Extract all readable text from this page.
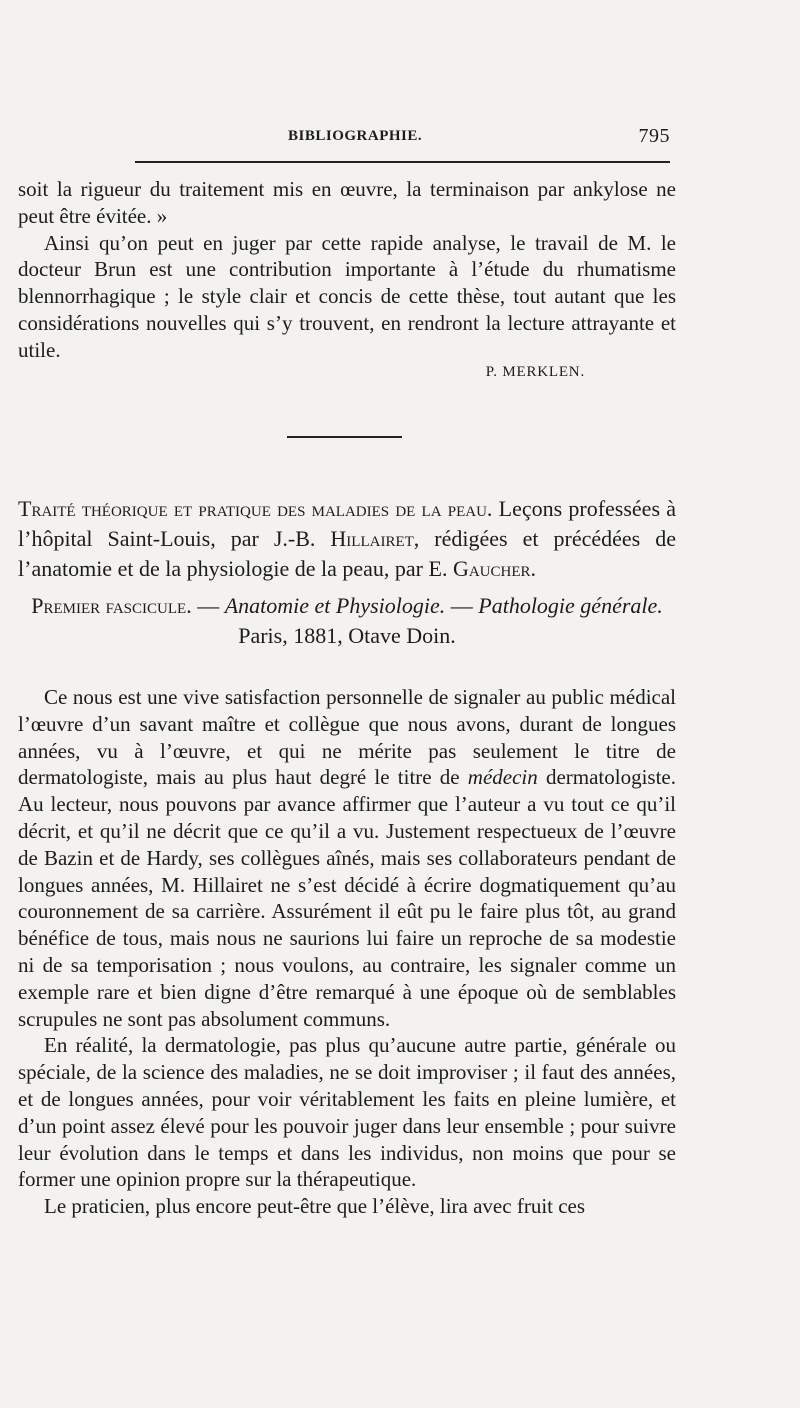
BIBLIOGRAPHIE.	795

soit la rigueur du traitement mis en œuvre, la terminaison par ankylose ne peut être évitée. »

Ainsi qu’on peut en juger par cette rapide analyse, le travail de M. le docteur Brun est une contribution importante à l’étude du rhumatisme blennorrhagique ; le style clair et concis de cette thèse, tout autant que les considérations nouvelles qui s’y trouvent, en rendront la lecture attrayante et utile.

P. MERKLEN.
Traité théorique et pratique des maladies de la peau. Leçons professées à l’hôpital Saint-Louis, par J.-B. Hillairet, rédigées et précédées de l’anatomie et de la physiologie de la peau, par E. Gaucher.
Premier fascicule. — Anatomie et Physiologie. — Pathologie générale.
Paris, 1881, Otave Doin.

Ce nous est une vive satisfaction personnelle de signaler au public médical l’œuvre d’un savant maître et collègue que nous avons, durant de longues années, vu à l’œuvre, et qui ne mérite pas seulement le titre de dermatologiste, mais au plus haut degré le titre de médecin dermatologiste. Au lecteur, nous pouvons par avance affirmer que l’auteur a vu tout ce qu’il décrit, et qu’il ne décrit que ce qu’il a vu. Justement respectueux de l’œuvre de Bazin et de Hardy, ses collègues aînés, mais ses collaborateurs pendant de longues années, M. Hillairet ne s’est décidé à écrire dogmatiquement qu’au couronnement de sa carrière. Assurément il eût pu le faire plus tôt, au grand bénéfice de tous, mais nous ne saurions lui faire un reproche de sa modestie ni de sa temporisation ; nous voulons, au contraire, les signaler comme un exemple rare et bien digne d’être remarqué à une époque où de semblables scrupules ne sont pas absolument communs.

En réalité, la dermatologie, pas plus qu’aucune autre partie, générale ou spéciale, de la science des maladies, ne se doit improviser ; il faut des années, et de longues années, pour voir véritablement les faits en pleine lumière, et d’un point assez élevé pour les pouvoir juger dans leur ensemble ; pour suivre leur évolution dans le temps et dans les individus, non moins que pour se former une opinion propre sur la thérapeutique.

Le praticien, plus encore peut-être que l’élève, lira avec fruit ces
